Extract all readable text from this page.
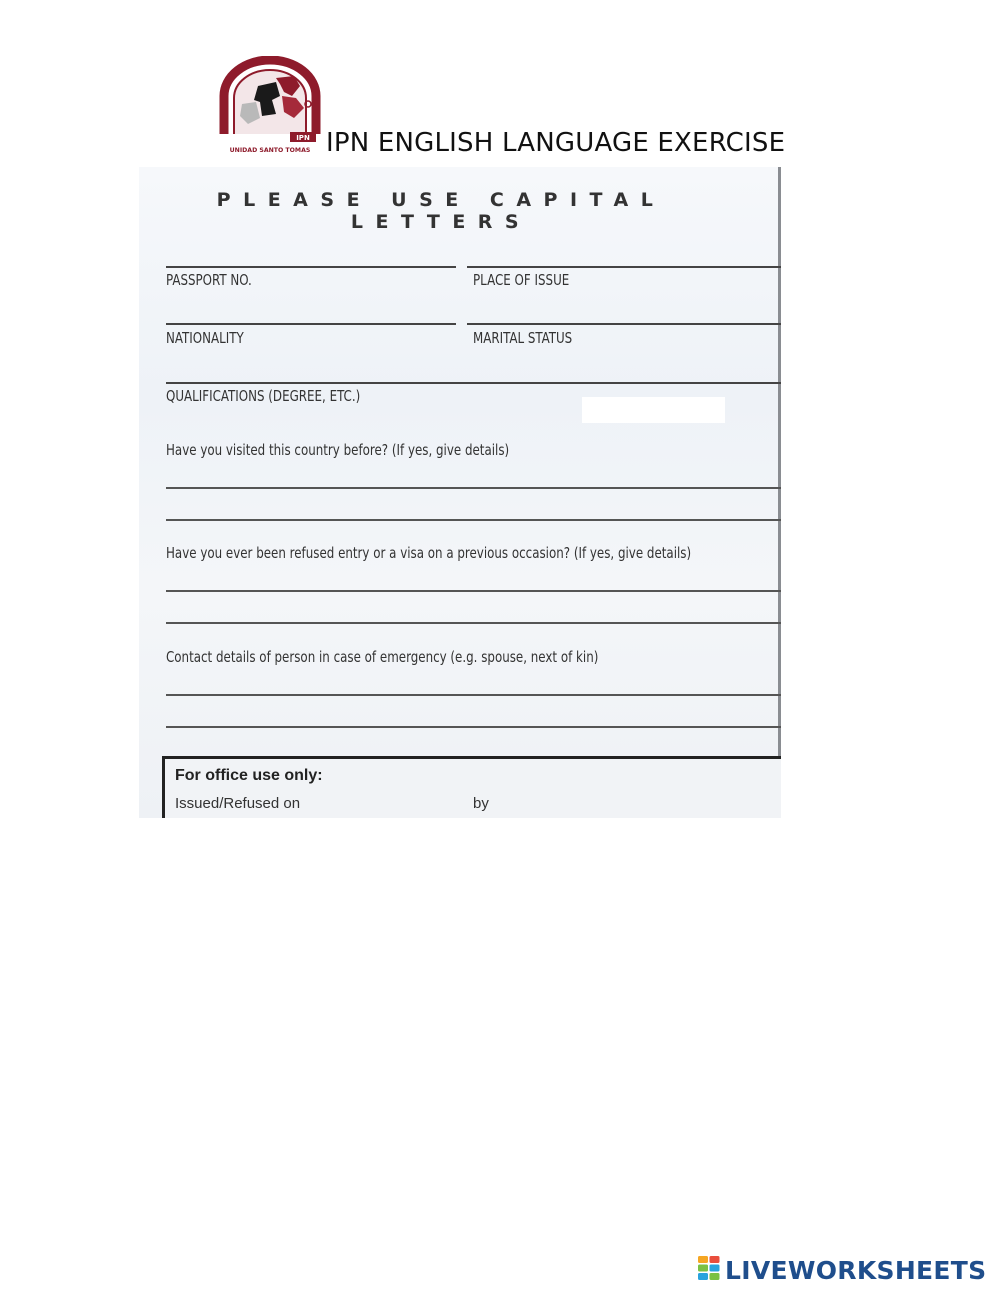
IPN
UNIDAD SANTO TOMAS IPN ENGLISH LANGUAGE EXERCISE
PLEASE USE CAPITAL LETTERS
PASSPORT NO.	PLACE OF ISSUE
NATIONALITY	MARITAL STATUS
QUALIFICATIONS (DEGREE, ETC.)
Have you visited this country before? (If yes, give details)
Have you ever been refused entry or a visa on a previous occasion? (If yes, give details)
Contact details of person in case of emergency (e.g. spouse, next of kin)
For office use only:
Issued/Refused on	by
LIVEWORKSHEETS
